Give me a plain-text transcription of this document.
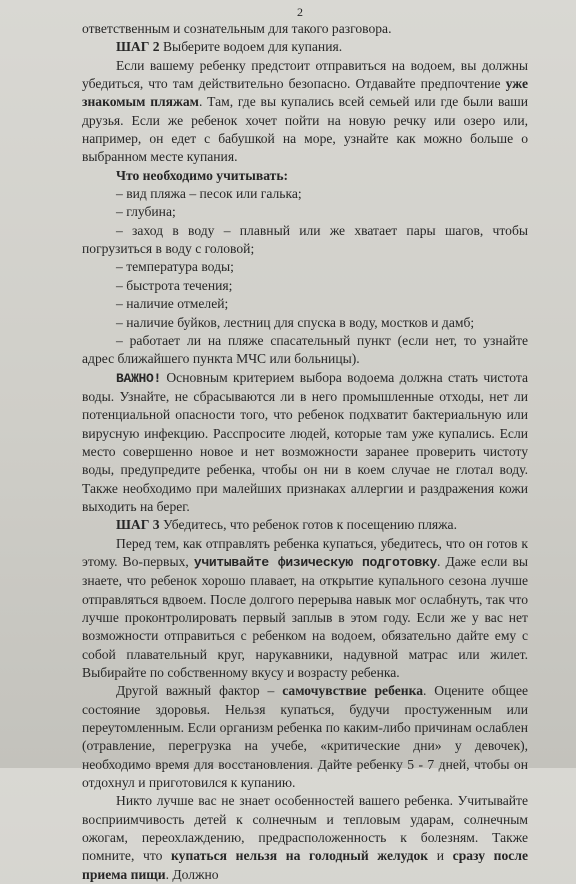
2

ответственным и сознательным для такого разговора.

ШАГ 2 Выберите водоем для купания.

Если вашему ребенку предстоит отправиться на водоем, вы должны убедиться, что там действительно безопасно. Отдавайте предпочтение уже знакомым пляжам. Там, где вы купались всей семьей или где были ваши друзья. Если же ребенок хочет пойти на новую речку или озеро или, например, он едет с бабушкой на море, узнайте как можно больше о выбранном месте купания.

Что необходимо учитывать:

– вид пляжа – песок или галька;

– глубина;

– заход в воду – плавный или же хватает пары шагов, чтобы погрузиться в воду с головой;

– температура воды;

– быстрота течения;

– наличие отмелей;

– наличие буйков, лестниц для спуска в воду, мостков и дамб;

– работает ли на пляже спасательный пункт (если нет, то узнайте адрес ближайшего пункта МЧС или больницы).

ВАЖНО! Основным критерием выбора водоема должна стать чистота воды. Узнайте, не сбрасываются ли в него промышленные отходы, нет ли потенциальной опасности того, что ребенок подхватит бактериальную или вирусную инфекцию. Расспросите людей, которые там уже купались. Если место совершенно новое и нет возможности заранее проверить чистоту воды, предупредите ребенка, чтобы он ни в коем случае не глотал воду. Также необходимо при малейших признаках аллергии и раздражения кожи выходить на берег.

ШАГ 3 Убедитесь, что ребенок готов к посещению пляжа.

Перед тем, как отправлять ребенка купаться, убедитесь, что он готов к этому. Во-первых, учитывайте физическую подготовку. Даже если вы знаете, что ребенок хорошо плавает, на открытие купального сезона лучше отправляться вдвоем. После долгого перерыва навык мог ослабнуть, так что лучше проконтролировать первый заплыв в этом году. Если же у вас нет возможности отправиться с ребенком на водоем, обязательно дайте ему с собой плавательный круг, нарукавники, надувной матрас или жилет. Выбирайте по собственному вкусу и возрасту ребенка.

Другой важный фактор – самочувствие ребенка. Оцените общее состояние здоровья. Нельзя купаться, будучи простуженным или переутомленным. Если организм ребенка по каким-либо причинам ослаблен (отравление, перегрузка на учебе, «критические дни» у девочек), необходимо время для восстановления. Дайте ребенку 5 - 7 дней, чтобы он отдохнул и приготовился к купанию.

Никто лучше вас не знает особенностей вашего ребенка. Учитывайте восприимчивость детей к солнечным и тепловым ударам, солнечным ожогам, переохлаждению, предрасположенность к болезням. Также помните, что купаться нельзя на голодный желудок и сразу после приема пищи. Должно
